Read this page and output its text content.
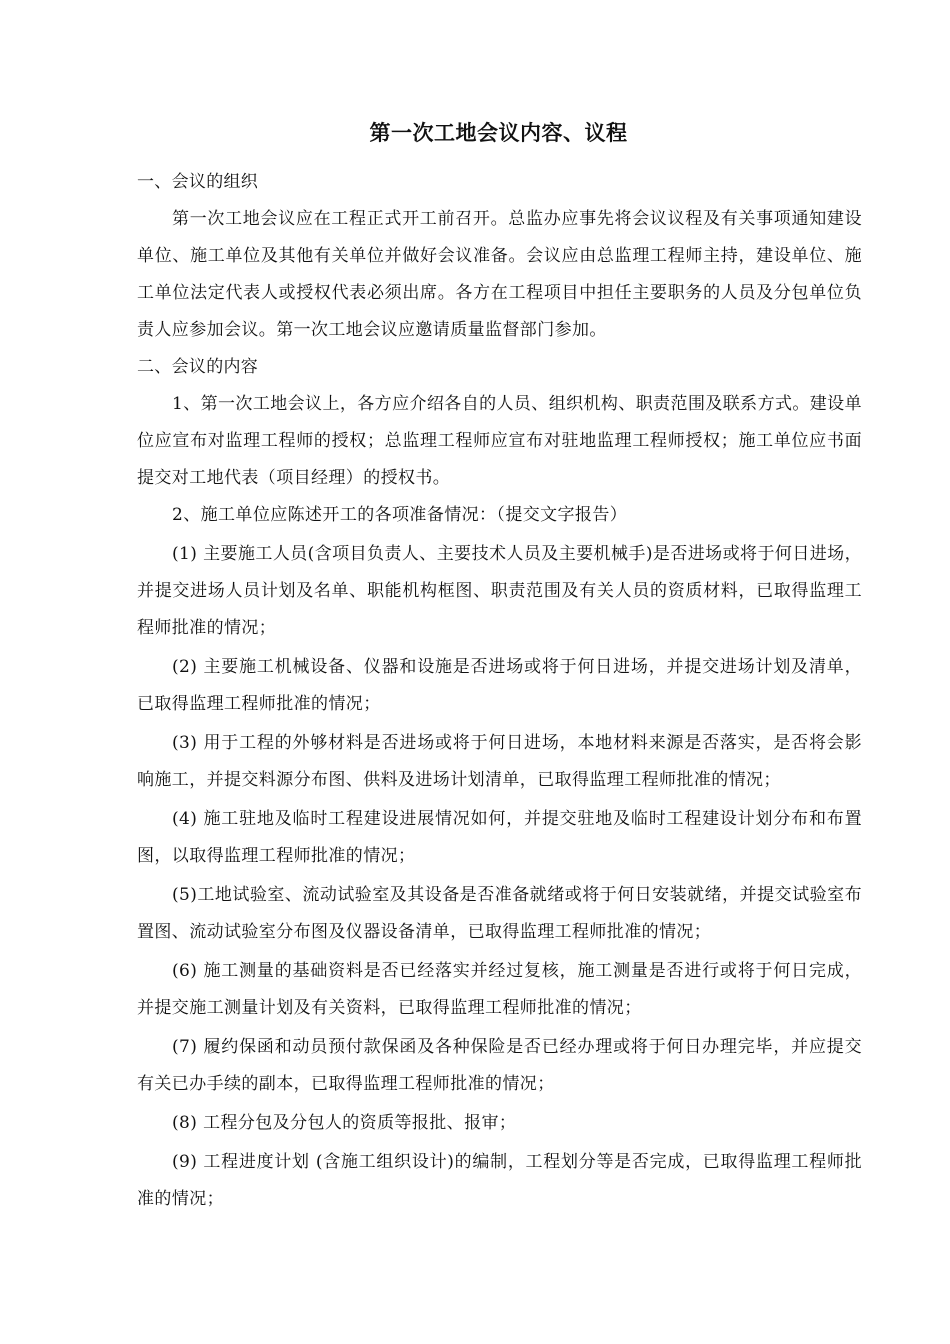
第一次工地会议内容、议程

一、会议的组织

第一次工地会议应在工程正式开工前召开。总监办应事先将会议议程及有关事项通知建设单位、施工单位及其他有关单位并做好会议准备。会议应由总监理工程师主持，建设单位、施工单位法定代表人或授权代表必须出席。各方在工程项目中担任主要职务的人员及分包单位负责人应参加会议。第一次工地会议应邀请质量监督部门参加。

二、会议的内容

1、第一次工地会议上，各方应介绍各自的人员、组织机构、职责范围及联系方式。建设单位应宣布对监理工程师的授权；总监理工程师应宣布对驻地监理工程师授权；施工单位应书面提交对工地代表（项目经理）的授权书。

2、施工单位应陈述开工的各项准备情况：（提交文字报告）

(1) 主要施工人员(含项目负责人、主要技术人员及主要机械手)是否进场或将于何日进场，并提交进场人员计划及名单、职能机构框图、职责范围及有关人员的资质材料，已取得监理工程师批准的情况；

(2) 主要施工机械设备、仪器和设施是否进场或将于何日进场，并提交进场计划及清单，已取得监理工程师批准的情况；

(3) 用于工程的外够材料是否进场或将于何日进场，本地材料来源是否落实，是否将会影响施工，并提交料源分布图、供料及进场计划清单，已取得监理工程师批准的情况；

(4) 施工驻地及临时工程建设进展情况如何，并提交驻地及临时工程建设计划分布和布置图，以取得监理工程师批准的情况；

(5)工地试验室、流动试验室及其设备是否准备就绪或将于何日安装就绪，并提交试验室布置图、流动试验室分布图及仪器设备清单，已取得监理工程师批准的情况；

(6) 施工测量的基础资料是否已经落实并经过复核，施工测量是否进行或将于何日完成，并提交施工测量计划及有关资料，已取得监理工程师批准的情况；

(7) 履约保函和动员预付款保函及各种保险是否已经办理或将于何日办理完毕，并应提交有关已办手续的副本，已取得监理工程师批准的情况；

(8) 工程分包及分包人的资质等报批、报审；

(9) 工程进度计划 (含施工组织设计)的编制，工程划分等是否完成，已取得监理工程师批准的情况；
